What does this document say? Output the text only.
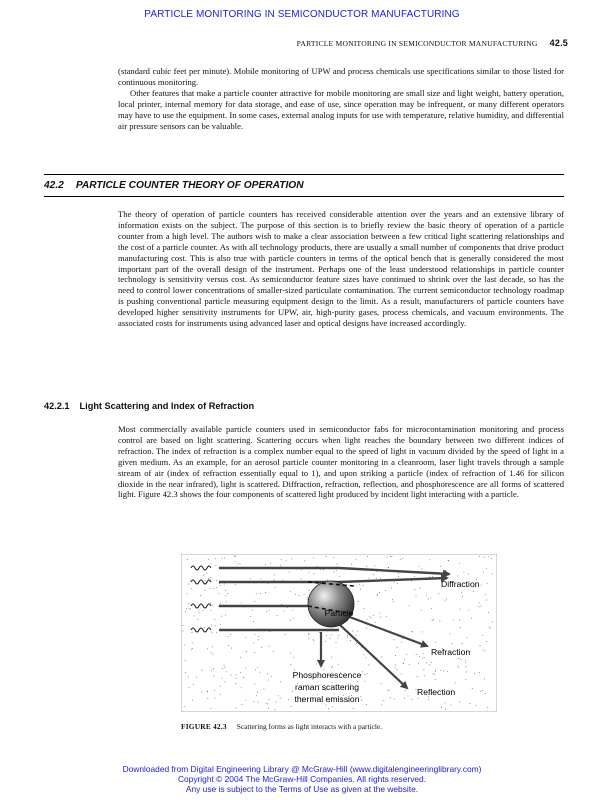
PARTICLE MONITORING IN SEMICONDUCTOR MANUFACTURING
PARTICLE MONITORING IN SEMICONDUCTOR MANUFACTURING 42.5

(standard cubic feet per minute). Mobile monitoring of UPW and process chemicals use specifications similar to those listed for continuous monitoring.

Other features that make a particle counter attractive for mobile monitoring are small size and light weight, battery operation, local printer, internal memory for data storage, and ease of use, since operation may be infrequent, or many different operators may have to use the equipment. In some cases, external analog inputs for use with temperature, relative humidity, and differential air pressure sensors can be valuable.

42.2 PARTICLE COUNTER THEORY OF OPERATION

The theory of operation of particle counters has received considerable attention over the years and an extensive library of information exists on the subject. The purpose of this section is to briefly review the basic theory of operation of a particle counter from a high level. The authors wish to make a clear association between a few critical light scattering relationships and the cost of a particle counter. As with all technology products, there are usually a small number of components that drive product manufacturing cost. This is also true with particle counters in terms of the optical bench that is generally considered the most important part of the overall design of the instrument. Perhaps one of the least understood relationships in particle counter technology is sensitivity versus cost. As semiconductor feature sizes have continued to shrink over the last decade, so has the need to control lower concentrations of smaller-sized particulate contamination. The current semiconductor technology roadmap is pushing conventional particle measuring equipment design to the limit. As a result, manufacturers of particle counters have developed higher sensitivity instruments for UPW, air, high-purity gases, process chemicals, and vacuum environments. The associated costs for instruments using advanced laser and optical designs have increased accordingly.

42.2.1 Light Scattering and Index of Refraction

Most commercially available particle counters used in semiconductor fabs for microcontamination monitoring and process control are based on light scattering. Scattering occurs when light reaches the boundary between two different indices of refraction. The index of refraction is a complex number equal to the speed of light in vacuum divided by the speed of light in a given medium. As an example, for an aerosol particle counter monitoring in a cleanroom, laser light travels through a sample stream of air (index of refraction essentially equal to 1), and upon striking a particle (index of refraction of 1.46 for silicon dioxide in the near infrared), light is scattered. Diffraction, refraction, reflection, and phosphorescence are all forms of scattered light. Figure 42.3 shows the four components of scattered light produced by incident light interacting with a particle.

Particle
Diffraction
Refraction
Reflection
Phosphorescence
raman scattering
thermal emission
FIGURE 42.3 Scattering forms as light interacts with a particle.
Downloaded from Digital Engineering Library @ McGraw-Hill (www.digitalengineeringlibrary.com)
Copyright © 2004 The McGraw-Hill Companies. All rights reserved.
Any use is subject to the Terms of Use as given at the website.
